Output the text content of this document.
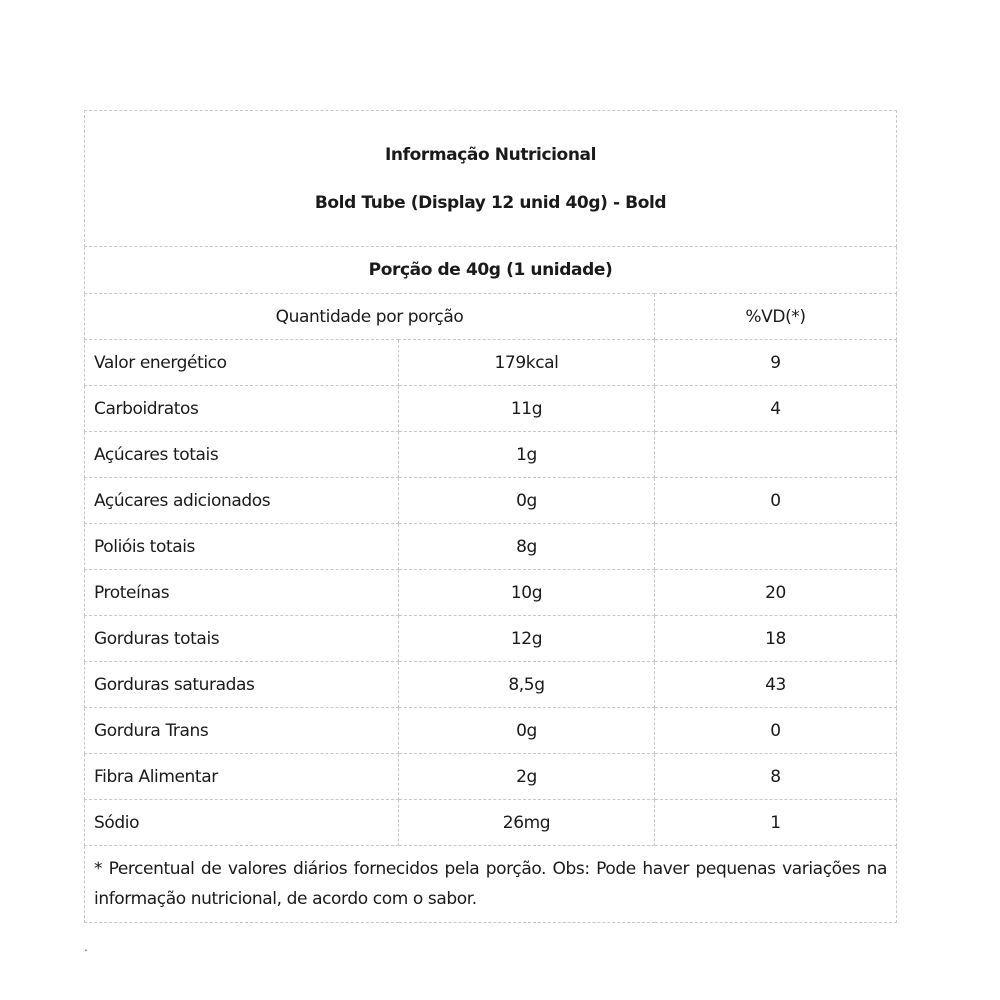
Informação Nutricional
Bold Tube (Display 12 unid 40g) - Bold		

Porção de 40g (1 unidade)		
Quantidade por porção		%VD(*)
Valor energético	179kcal	9
Carboidratos	11g	4
Açúcares totais	1g	
Açúcares adicionados	0g	0
Polióis totais	8g	
Proteínas	10g	20
Gorduras totais	12g	18
Gorduras saturadas	8,5g	43
Gordura Trans	0g	0
Fibra Alimentar	2g	8
Sódio	26mg	1
* Percentual de valores diários fornecidos pela porção. Obs: Pode haver pequenas variações na informação nutricional, de acordo com o sabor.		
.
